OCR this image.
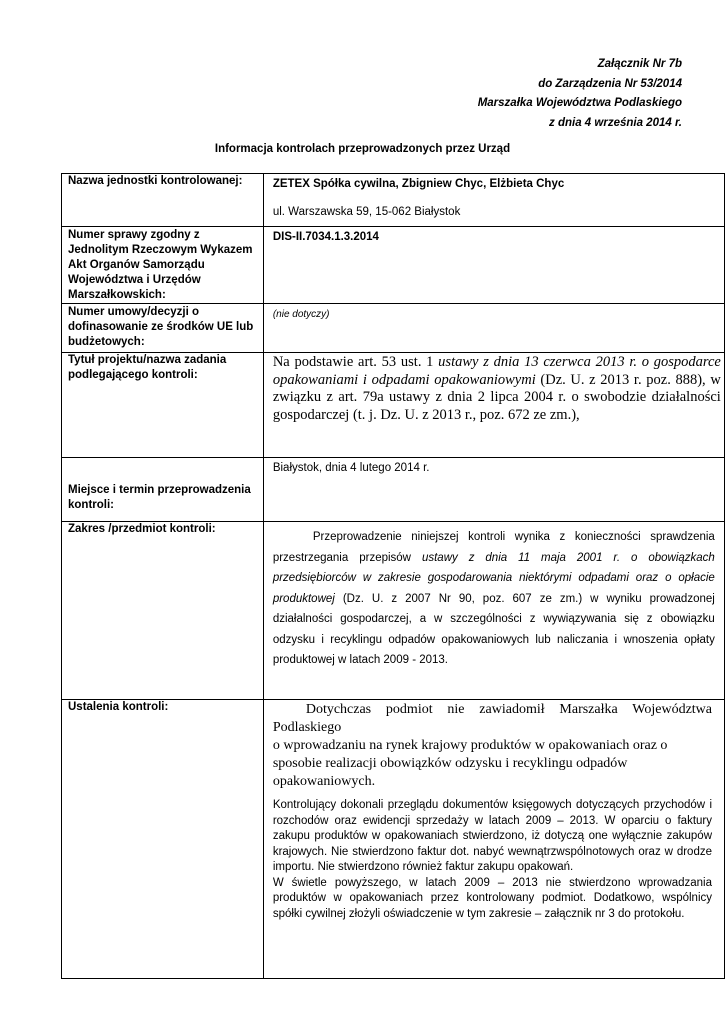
Załącznik Nr 7b
do Zarządzenia Nr 53/2014
Marszałka Województwa Podlaskiego
z dnia 4 września 2014 r.
Informacja kontrolach przeprowadzonych przez Urząd
Nazwa jednostki kontrolowanej:	ZETEX Spółka cywilna, Zbigniew Chyc, Elżbieta Chyc
ul. Warszawska 59, 15-062 Białystok

Numer sprawy zgodny z Jednolitym Rzeczowym Wykazem Akt Organów Samorządu Województwa i Urzędów Marszałkowskich:	DIS-II.7034.1.3.2014
Numer umowy/decyzji o dofinasowanie ze środków UE lub budżetowych:	(nie dotyczy)

Tytuł projektu/nazwa zadania podlegającego kontroli:	Na podstawie art. 53 ust. 1 ustawy z dnia 13 czerwca 2013 r. o gospodarce opakowaniami i odpadami opakowaniowymi (Dz. U. z 2013 r. poz. 888), w związku z art. 79a ustawy z dnia 2 lipca 2004 r. o swobodzie działalności gospodarczej (t. j. Dz. U. z 2013 r., poz. 672 ze zm.),

Miejsce i termin przeprowadzenia kontroli:	Białystok, dnia 4 lutego 2014 r.

Zakres /przedmiot kontroli:	Przeprowadzenie niniejszej kontroli wynika z konieczności sprawdzenia przestrzegania przepisów ustawy z dnia 11 maja 2001 r. o obowiązkach przedsiębiorców w zakresie gospodarowania niektórymi odpadami oraz o opłacie produktowej (Dz. U. z 2007 Nr 90, poz. 607 ze zm.) w wyniku prowadzonej działalności gospodarczej, a w szczególności z wywiązywania się z obowiązku odzysku i recyklingu odpadów opakowaniowych lub naliczania i wnoszenia opłaty produktowej w latach 2009 - 2013.

Ustalenia kontroli:	Dotychczas podmiot nie zawiadomił Marszałka Województwa Podlaskiego

o wprowadzaniu na rynek krajowy produktów w opakowaniach oraz o sposobie realizacji obowiązków odzysku i recyklingu odpadów opakowaniowych.

Kontrolujący dokonali przeglądu dokumentów księgowych dotyczących przychodów i rozchodów oraz ewidencji sprzedaży w latach 2009 – 2013. W oparciu o faktury zakupu produktów w opakowaniach stwierdzono, iż dotyczą one wyłącznie zakupów krajowych. Nie stwierdzono faktur dot. nabyć wewnątrzwspólnotowych oraz w drodze importu. Nie stwierdzono również faktur zakupu opakowań.

W świetle powyższego, w latach 2009 – 2013 nie stwierdzono wprowadzania produktów w opakowaniach przez kontrolowany podmiot. Dodatkowo, wspólnicy spółki cywilnej złożyli oświadczenie w tym zakresie – załącznik nr 3 do protokołu.
